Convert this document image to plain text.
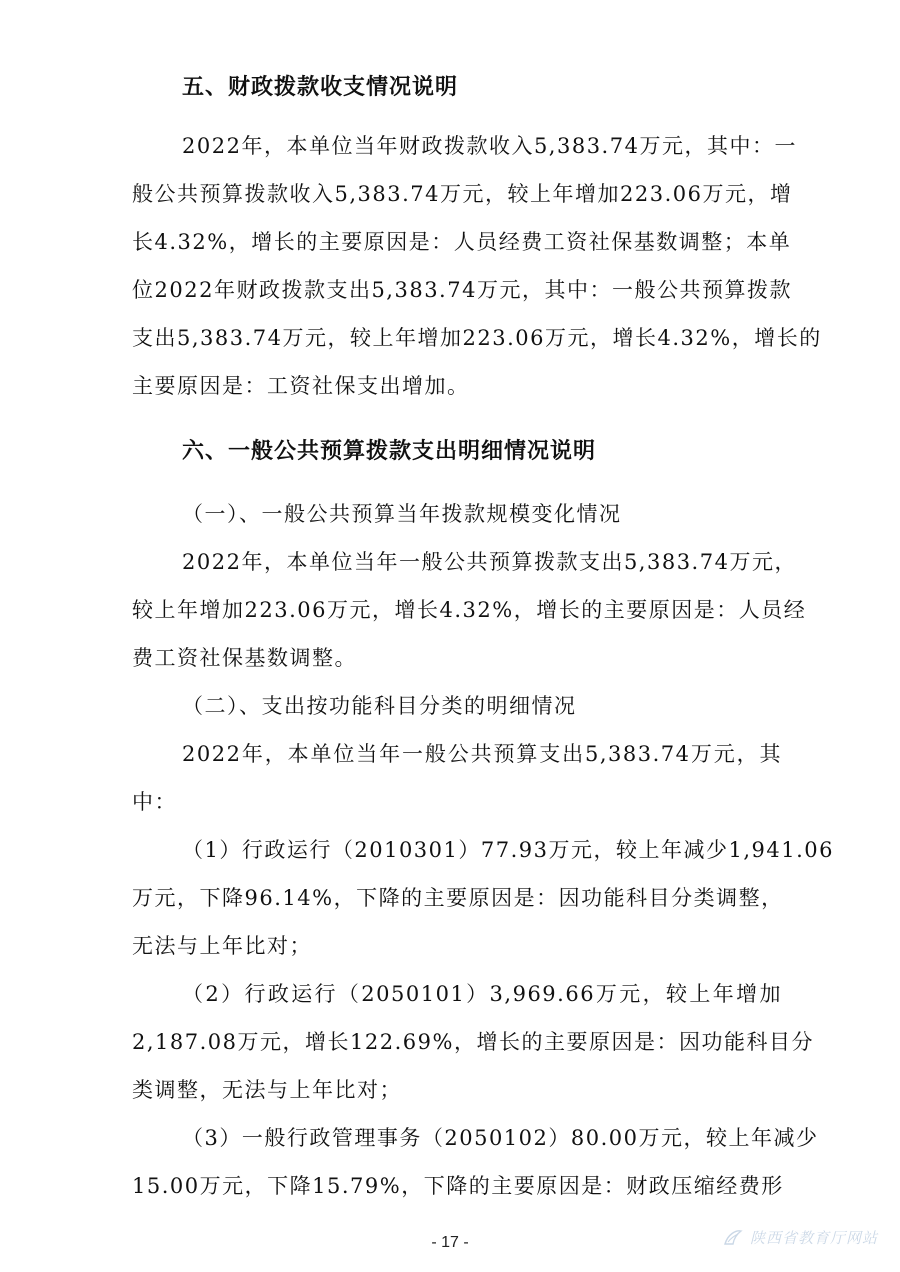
五、财政拨款收支情况说明
2022年，本单位当年财政拨款收入5,383.74万元，其中：一
般公共预算拨款收入5,383.74万元，较上年增加223.06万元，增
长4.32%，增长的主要原因是：人员经费工资社保基数调整；本单
位2022年财政拨款支出5,383.74万元，其中：一般公共预算拨款
支出5,383.74万元，较上年增加223.06万元，增长4.32%，增长的
主要原因是：工资社保支出增加。
六、一般公共预算拨款支出明细情况说明
（一）、一般公共预算当年拨款规模变化情况
2022年，本单位当年一般公共预算拨款支出5,383.74万元，
较上年增加223.06万元，增长4.32%，增长的主要原因是：人员经
费工资社保基数调整。
（二）、支出按功能科目分类的明细情况
2022年，本单位当年一般公共预算支出5,383.74万元，其
中：
（1）行政运行（2010301）77.93万元，较上年减少1,941.06
万元，下降96.14%，下降的主要原因是：因功能科目分类调整，
无法与上年比对；
（2）行政运行（2050101）3,969.66万元，较上年增加
2,187.08万元，增长122.69%，增长的主要原因是：因功能科目分
类调整，无法与上年比对；
（3）一般行政管理事务（2050102）80.00万元，较上年减少
15.00万元，下降15.79%，下降的主要原因是：财政压缩经费形
- 17 -	陕西省教育厅网站
